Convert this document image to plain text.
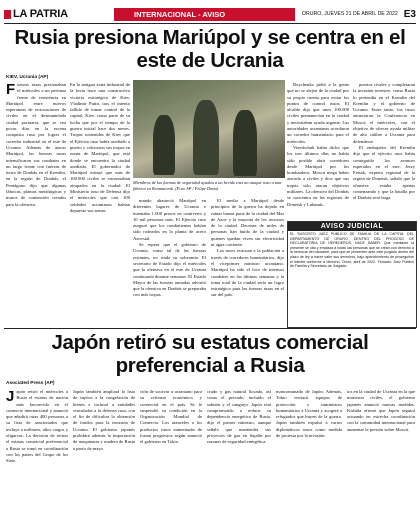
LA PATRIA	INTERNACIONAL - AVISO	ORURO, JUEVES 21 DE ABRIL DE 2022 E3
Rusia presiona Mariúpol y se centra en el este de Ucrania
KIEV, Ucrania (AP)
Fuerzas rusas presionaban el miércoles a un pertinaz frente de resistencia en Mariúpol entre nuevos esperanzas de evacuaciones de civiles en el desmantelada ciudad portuaria, que se vea pocas días en la escena conquista rusa por lograr el corredor industrial en el este de Ucrania. Además de atacar Mariúpol, las fuerzas rusas intensificaron sus combates en un largo frente con fuerzas de tierra de Donbás en el Kremlin, en la región de Donbás, el Pentágono dijo que algunas fábricas, plantas metalúrgicas y muros de contención creados para la ofensiva.
En la antigua zona industrial de la luvia hace una constructiva victoria estratégica de Kiev, Vladimir Putin, tras el intento fallido de tomar control de la capital, Kiev, como parte de su lucha que por el tiempo de la guerra inicial hace dos meses. Tropas sostenidas de Kiev que el Ejército ruso había asediado a puerto y colocaron sus tropas en zonas de Mariúpol, que está donde se encuentra la ciudad asediada. El gobernador de Mariúpol estimó que más de 100.000 civiles se encontraban atrapados en la ciudad. El Ministerio ruso de Defensa dijo el miércoles que casi 100 soldados ucranianos habían depuesto sus armas.
Miembros de las fuerzas de seguridad ayudan a un herido tras un ataque ruso a una fábrica en Kramatorsk. (Foto AP / Felipe Dana)

mando abasteció Mariúpol en diferentes lugares de Ucrania e intentaba 1.000 presos en cautiverio y 10 mil personas más. El Ejército ruso aseguró que los combatientes habían sido rodeados en la planta de acero Azovstal.

Se espera que el gobierno de Ucrania, como tal de las fuerzas restantes, no rinda su soberanía. El secretario de Estado dijo el miércoles que la ofensiva en el este de Ucrania continuaría durante semanas. El Estado Mayor de las fuerzas armadas advirtió que la ofensiva en Donbás se preparaba con más tropas.

El medio a Mariúpol desde principios de la guerra ha dejado en ruinas buena parte de la ciudad del Mar de Azov y la mayoría de los recursos de la ciudad. Decenas de miles de personas han huido de la ciudad y quienes quedan viven sin electricidad ni agua corriente.

Los rusos evacuan a la población a través de corredores humanitarios, dijo el viceprimer ministro ucraniano. Mariúpol ha sido el foco de intensos combates en las últimas semanas y la toma total de la ciudad sería un logro estratégico para las fuerzas rusas en el sur del país.

Boychenko pidió a la gente que no se alejen de la ciudad por su propia cuenta para evitar los puntos de control rusos. El alcalde dijo que unos 100.000 civiles permanecían en la ciudad y necesitaban ayuda urgente. Las autoridades ucranianas acordaron un corredor humanitario para el miércoles.

Vereshchuk había dicho que los tres últimos días no había sido posible abrir corredores desde Mariúpol por los bombardeos. Moscú niega haber atacado a civiles y dice que sus tropas solo atacan objetivos militares. La ofensiva del Donbás se concentra en las regiones de Donetsk y Luhansk.

puertos rivales y completaran la invasión terrestre, como Rusia lo pretendía en el Kremlin del Kremlin y el gobierno de Ucrania. Entre tanto, los rusos anunciaron la Conferencia en Moscú el miércoles, con el objetivo de ofrecer ayuda militar de alto calibre a Ucrania para defenderse.

El embajador del Kremlin dijo que el ejército ruso había conseguido los avances esperados en el este. Jerzy Fatsak, experto regional de la región de Donetsk, señaló que la ofensiva estaba apenas comenzando y que la batalla por el Donbás será larga.

AVISO JUDICIAL
EL SUSCRITO JUEZ PÚBLICO DE FAMILIA DE LA CAPITAL DEL DEPARTAMENTO DE ORURO, DENTRO DEL PROCESO DE DECLARATORIA DE HEREDEROS, HACE SABER: Que mediante la presente se cita y emplaza a todas las personas que se crean con derecho a la herencia del causante, para que se presenten ante este juzgado dentro del plazo de ley a hacer valer sus derechos, bajo apercibimiento de proseguirse el trámite conforme a derecho. Oruro, abril de 2022. Firmado: Juez Público de Familia y Secretario de Juzgado.
Japón retiró su estatus comercial preferencial a Rusia
Asociated Press (AP)
Japón retiró el miércoles a Rusia el estatus de nación más favorecida en el comercio internacional y anunció que añadirá otras 400 personas a su lista de sancionados que incluye a militares, altos cargos y oligarcas. La decisión de retirar el estatus comercial preferencial a Rusia se tomó en coordinación con los países del Grupo de los Siete.
Japón también ampliará la lista de sujetos a la congelación de bienes e incluirá a entidades vinculadas a la defensa rusa, con el fin de dificultar la obtención de fondos para la invasión de Ucrania. El gobierno japonés prohibirá además la importación de maquinaria y madera de Rusia a partir de mayo.
ción de socavar a ucraniano para su reforma económica y comercial en el país. Se le suspendió su condición en la Organización Mundial de Comercio. Los aranceles a los productos rusos aumentarán de forma progresiva según anunció el gobierno en Tokio.
crudo y gas natural licuado, así como el pescado, incluido el salmón y el cangrejo. Japón está comprometido a reducir su dependencia energética de Rusia, dijo el primer ministro, aunque señaló que mantendrá sus proyectos de gas en Sajalín por razones de seguridad energética.
mancomunado de Japón. Además, Tokio enviará equipos de protección y suministros humanitarios a Ucrania y acogerá a refugiados que huyen de la guerra. Japón también expulsó a varios diplomáticos rusos como medida de protesta por la invasión.
tos en la ciudad de Ucrania en la que murieron civiles, el gobierno japonés anunció nuevas medidas. Kishida afirmó que Japón seguirá actuando en estrecha coordinación con la comunidad internacional para aumentar la presión sobre Moscú.
